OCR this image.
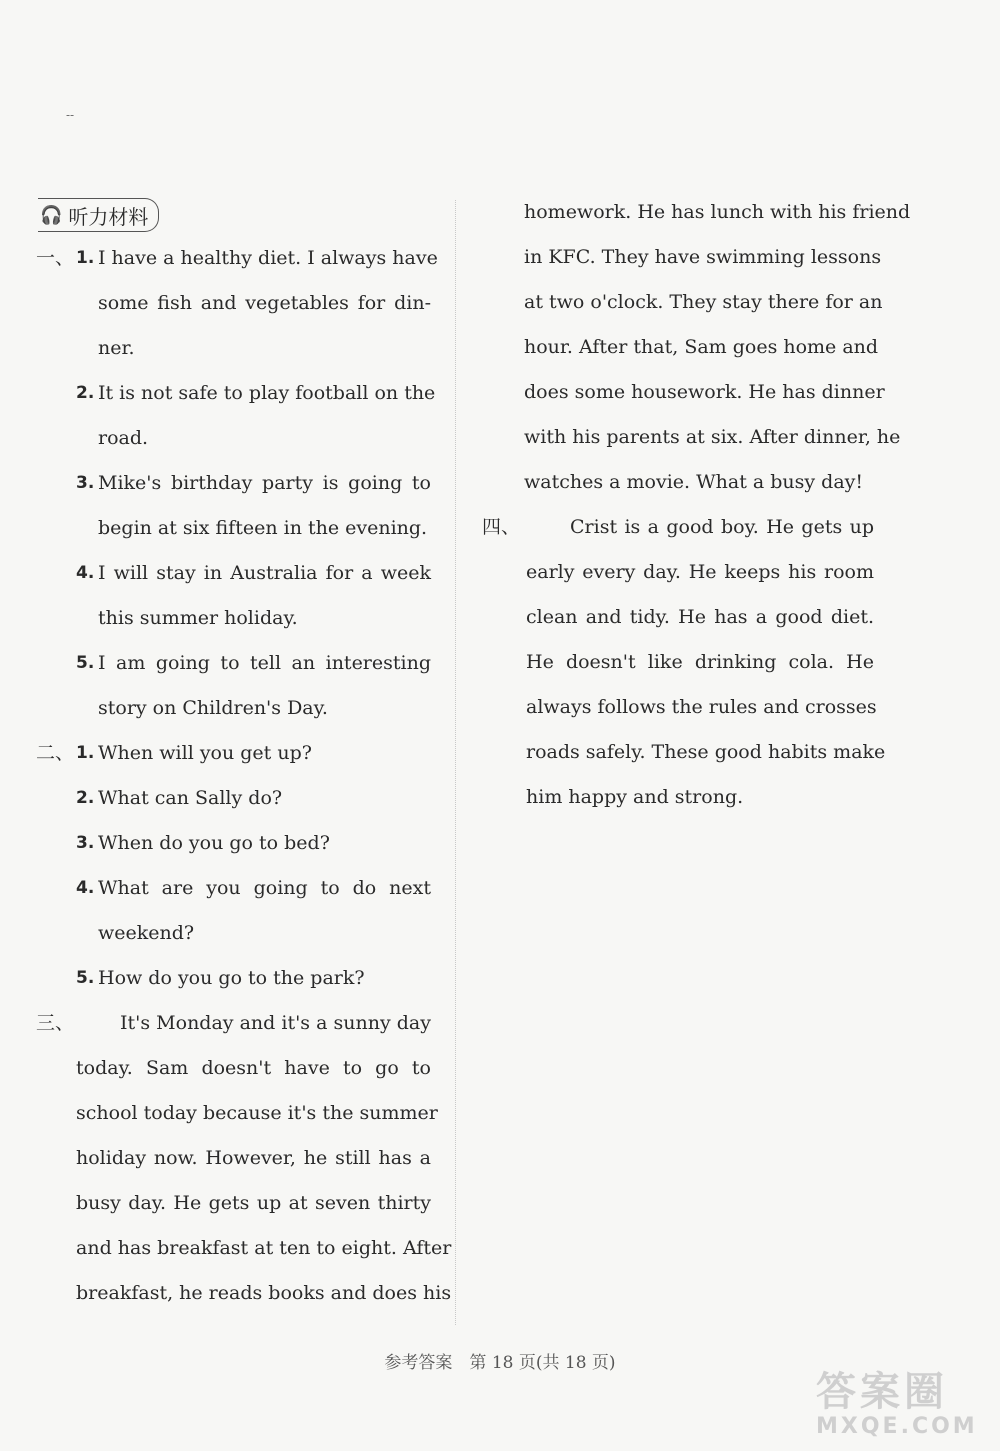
--
🎧 听力材料
一、 1. I have a healthy diet. I always have
some fish and vegetables for din-
ner.
2. It is not safe to play football on the
road.
3. Mike's birthday party is going to
begin at six fifteen in the evening.
4. I will stay in Australia for a week
this summer holiday.
5. I am going to tell an interesting
story on Children's Day.
二、 1. When will you get up?
2. What can Sally do?
3. When do you go to bed?
4. What are you going to do next
weekend?
5. How do you go to the park?
三、 It's Monday and it's a sunny day
today. Sam doesn't have to go to
school today because it's the summer
holiday now. However, he still has a
busy day. He gets up at seven thirty
and has breakfast at ten to eight. After
breakfast, he reads books and does his
homework. He has lunch with his friend
in KFC. They have swimming lessons
at two o'clock. They stay there for an
hour. After that, Sam goes home and
does some housework. He has dinner
with his parents at six. After dinner, he
watches a movie. What a busy day!
四、	Crist is a good boy. He gets up
early every day. He keeps his room
clean and tidy. He has a good diet.
He doesn't like drinking cola. He
always follows the rules and crosses
roads safely. These good habits make
him happy and strong.
参考答案　第 18 页(共 18 页)
答案圈
MXQE.COM
